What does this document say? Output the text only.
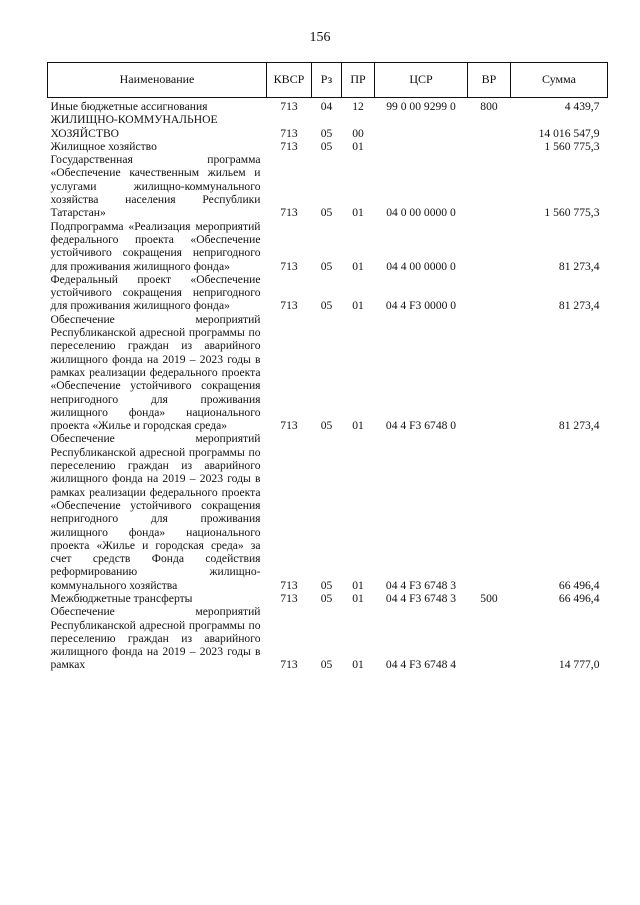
156
Наименование	КВСР	Рз	ПР	ЦСР	ВР	Сумма
Иные бюджетные ассигнования	713	04	12	99 0 00 9299 0	800	4 439,7
ЖИЛИЩНО-КОММУНАЛЬНОЕ ХОЗЯЙСТВО	713	05	00			14 016 547,9
Жилищное хозяйство	713	05	01			1 560 775,3
Государственная программа «Обеспечение качественным жильем и услугами жилищно-коммунального хозяйства населения Республики Татарстан»	713	05	01	04 0 00 0000 0		1 560 775,3
Подпрограмма «Реализация мероприятий федерального проекта «Обеспечение устойчивого сокращения непригодного для проживания жилищного фонда»	713	05	01	04 4 00 0000 0		81 273,4
Федеральный проект «Обеспечение устойчивого сокращения непригодного для проживания жилищного фонда»	713	05	01	04 4 F3 0000 0		81 273,4
Обеспечение мероприятий Республиканской адресной программы по переселению граждан из аварийного жилищного фонда на 2019 – 2023 годы в рамках реализации федерального проекта «Обеспечение устойчивого сокращения непригодного для проживания жилищного фонда» национального проекта «Жилье и городская среда»	713	05	01	04 4 F3 6748 0		81 273,4
Обеспечение мероприятий Республиканской адресной программы по переселению граждан из аварийного жилищного фонда на 2019 – 2023 годы в рамках реализации федерального проекта «Обеспечение устойчивого сокращения непригодного для проживания жилищного фонда» национального проекта «Жилье и городская среда» за счет средств Фонда содействия реформированию жилищно-коммунального хозяйства	713	05	01	04 4 F3 6748 3		66 496,4
Межбюджетные трансферты	713	05	01	04 4 F3 6748 3	500	66 496,4
Обеспечение мероприятий Республиканской адресной программы по переселению граждан из аварийного жилищного фонда на 2019 – 2023 годы в рамках	713	05	01	04 4 F3 6748 4		14 777,0
